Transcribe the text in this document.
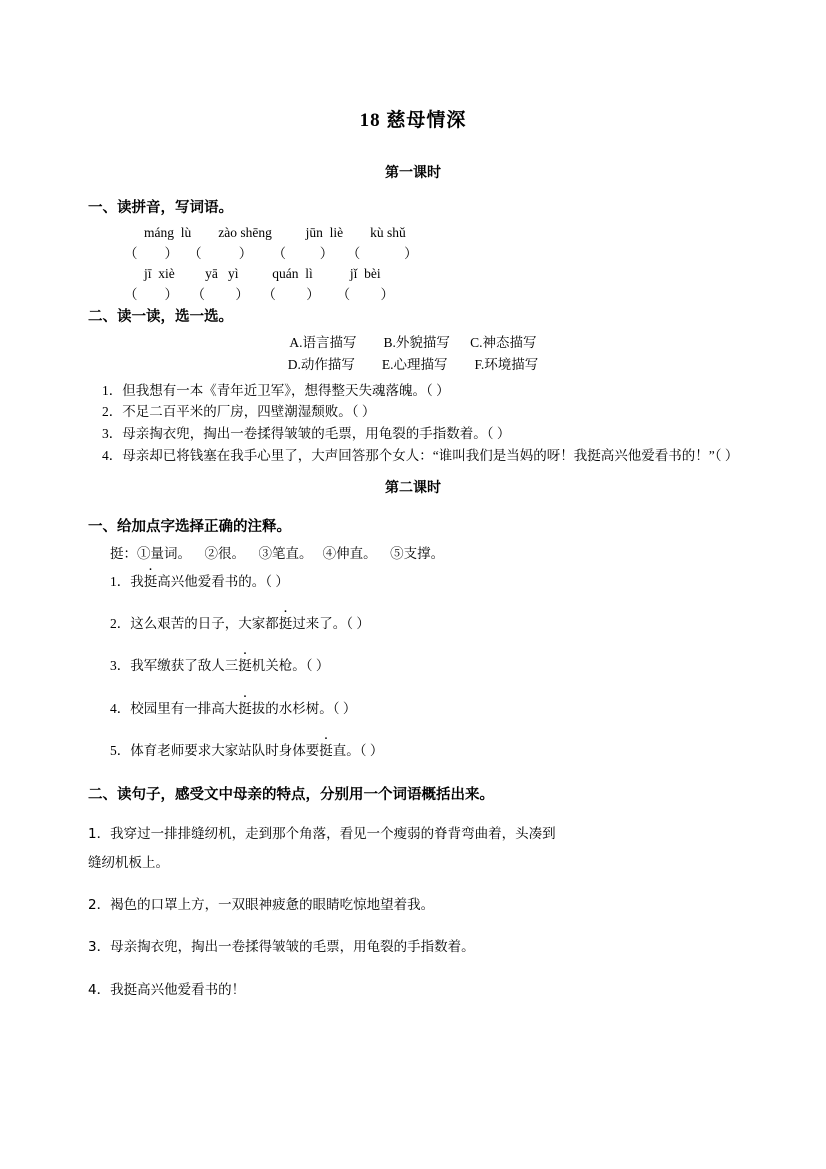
18 慈母情深
第一课时
一、读拼音，写词语。
máng  lù        zào shēng          jūn  liè        kù shǔ
（        ）   （           ）      （          ）    （             ）
jī  xiè         yā   yì          quán  lì           jǐ  bèi
（        ）    （         ）    （         ）     （         ）
二、读一读，选一选。
A.语言描写        B.外貌描写      C.神态描写
D.动作描写        E.心理描写        F.环境描写
1．但我想有一本《青年近卫军》，想得整天失魂落魄。（ ）
2．不足二百平米的厂房，四壁潮湿颓败。（ ）
3．母亲掏衣兜，掏出一卷揉得皱皱的毛票，用龟裂的手指数着。（ ）
4．母亲却已将钱塞在我手心里了，大声回答那个女人：“谁叫我们是当妈的呀！我挺高兴他爱看书的！”（ ）
第二课时
一、给加点字选择正确的注释。
挺：①量词。    ②很。    ③笔直。   ④伸直。    ⑤支撑。
1．我挺高兴他爱看书的。（ ）
2．这么艰苦的日子，大家都挺过来了。（ ）
3．我军缴获了敌人三挺机关枪。（ ）
4．校园里有一排高大挺拔的水杉树。（ ）
5．体育老师要求大家站队时身体要挺直。（ ）
二、读句子，感受文中母亲的特点，分别用一个词语概括出来。
1．我穿过一排排缝纫机，走到那个角落，看见一个瘦弱的脊背弯曲着，头凑到
缝纫机板上。
2．褐色的口罩上方，一双眼神疲惫的眼睛吃惊地望着我。
3．母亲掏衣兜，掏出一卷揉得皱皱的毛票，用龟裂的手指数着。
4．我挺高兴他爱看书的！
